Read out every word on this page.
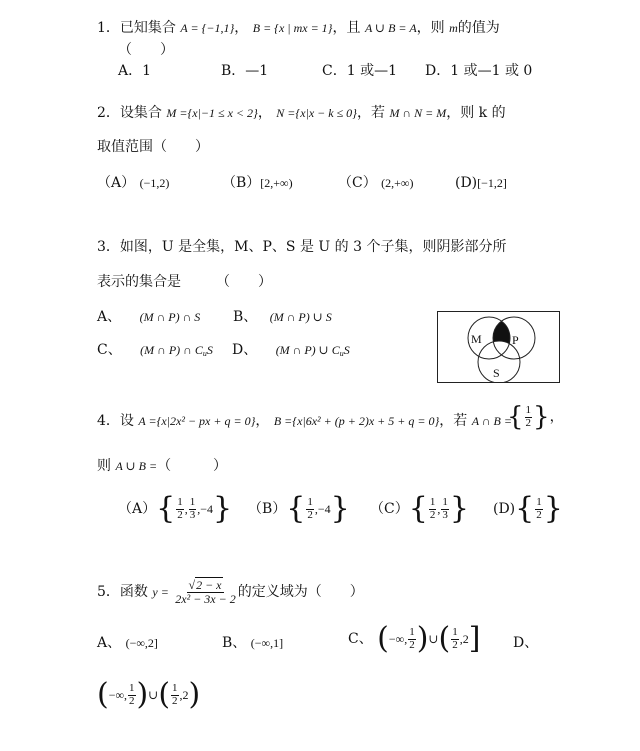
1．已知集合 A = {−1,1}， B = {x | mx = 1}，且 A ∪ B = A，则 m的值为
（　　）
A．1	B．—1	C．1 或—1 D．1 或—1 或 0
2．设集合 M ={x|−1 ≤ x < 2}， N ={x|x − k ≤ 0}，若 M ∩ N = M，则 k 的
取值范围（　　）
（A） (−1,2)	（B）[2,+∞)	（C） (2,+∞)	(D)[−1,2]
3．如图，U 是全集，M、P、S 是 U 的 3 个子集，则阴影部分所
表示的集合是　　　（　　）
A、 (M ∩ P) ∩ S B、 (M ∩ P) ∪ S
C、 (M ∩ P) ∩ $C_uS$ D、 (M ∩ P) ∪ $C_uS$
M	P
S
4．设 A ={x|2x² − px + q = 0}， B ={x|6x² + (p + 2)x + 5 + q = 0}，若 A ∩ B =
{ $\frac{1}{2}$ }，
则 A ∪ B =（　　　）
$(A)\{ \frac{1}{2}$ , $\frac{1}{3} ,-4$} $(B)\{ \frac{1}{2} ,-4\}$ $(C)\{ \frac{1}{2}$ , $\frac{1}{3}$ } $(D)\{ \frac{1}{2}$ }
5．函数 $y = \frac{√2 - x}{\text{2x² − 3x − 2}}$ 的定义域为（　　）
A、 (−∞,2]	B、 (−∞,1]	C、 (−∞, $\frac{1}{2}$ )∪( $\frac{1}{2} ,2$] D、
(−∞, $\frac{1}{2}$ )∪( $\frac{1}{2} ,2$)
